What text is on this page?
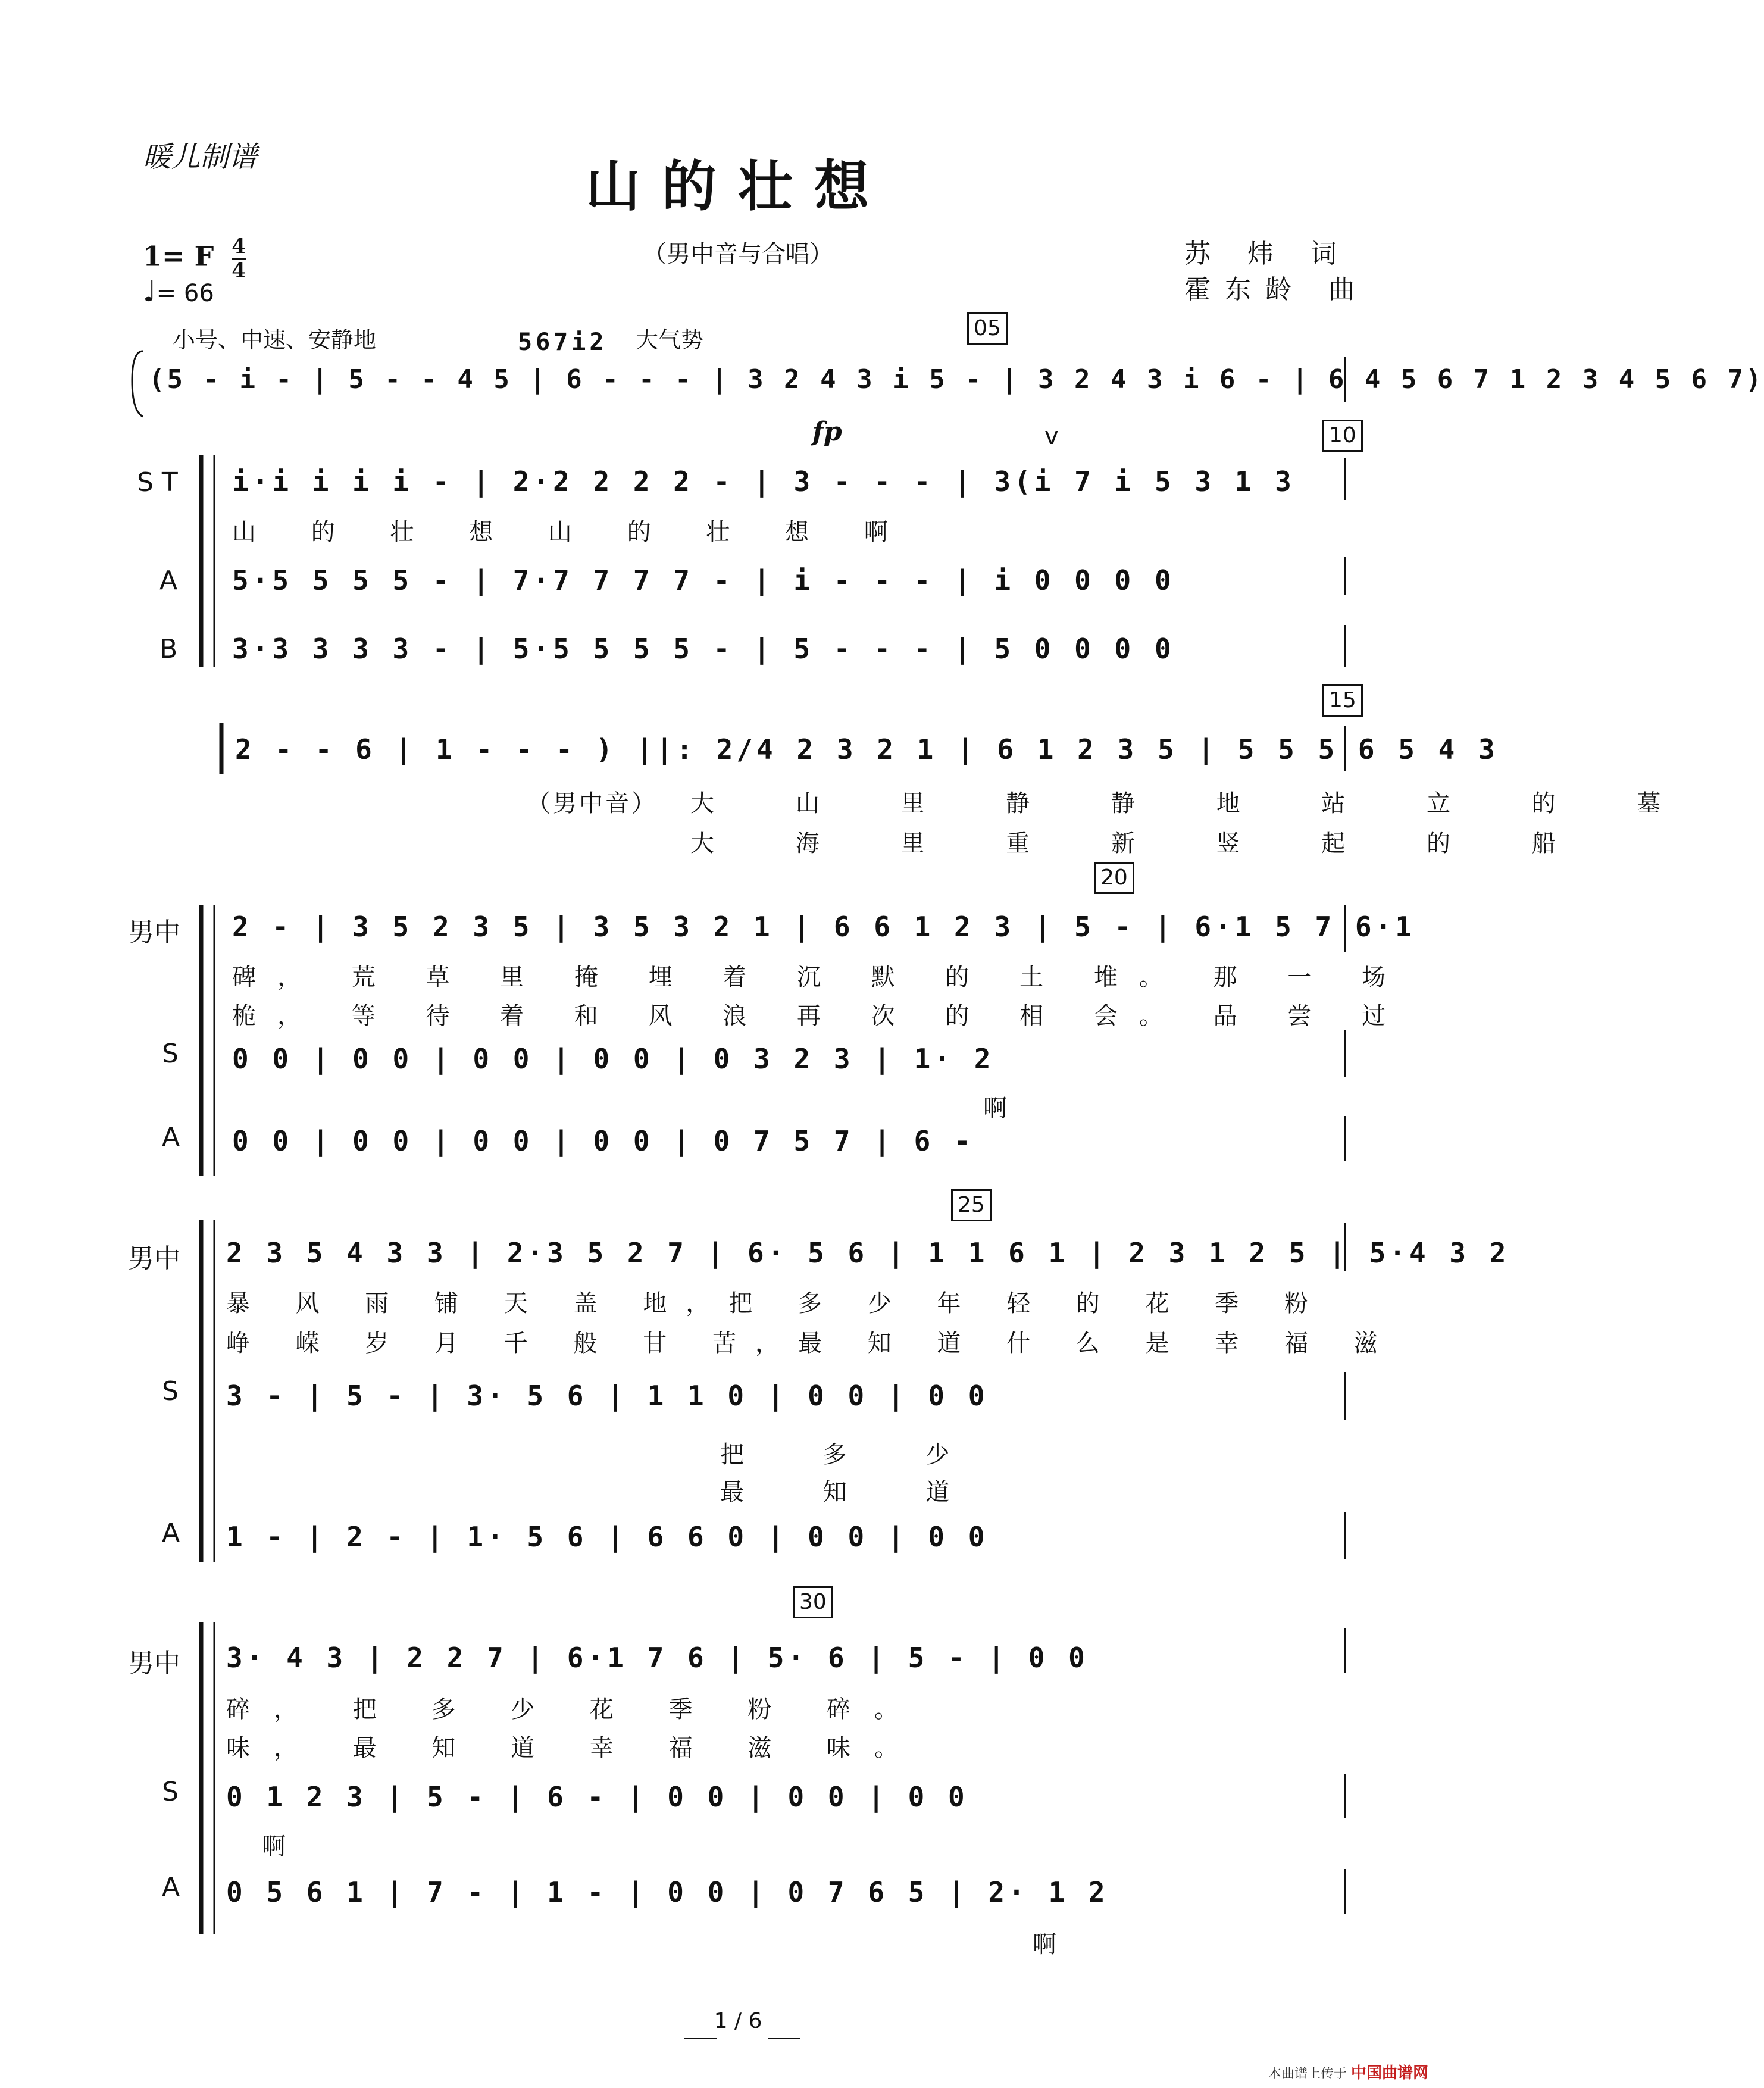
暖儿制谱	山的壮想
（男中音与合唱）	苏 炜 词
霍东龄 曲
1= F $\frac{4}{4}$
♩= 66
小号、中速、安静地	567i2 大气势	05
(5 - i - | 5 - - 4 5 | 6 - - - | 3 2 4 3 i 5 - | 3 2 4 3 i 6 - | 6 4 5 6 7 1 2 3 4 5 6 7)
10
fp	v
S T i·i i i i - | 2·2 2 2 2 - | 3 - - - | 3(i 7 i 5 3 1 3
山 的 壮 想 山 的 壮 想 啊
A 5·5 5 5 5 - | 7·7 7 7 7 - | i - - - | i 0 0 0 0
B 3·3 3 3 3 - | 5·5 5 5 5 - | 5 - - - | 5 0 0 0 0
15
2 - - 6 | 1 - - - ) ||: 2/4 2 3 2 1 | 6 1 2 3 5 | 5 5 5 6 5 4 3
（男中音） 大 山 里 静 静 地 站 立 的 墓
大 海 里 重 新 竖 起 的 船
20
男中 2 - | 3 5 2 3 5 | 3 5 3 2 1 | 6 6 1 2 3 | 5 - | 6·1 5 7 6·1
碑， 荒 草 里 掩 埋 着 沉 默 的 土 堆。 那 一 场
桅， 等 待 着 和 风 浪 再 次 的 相 会。 品 尝 过
S 0 0 | 0 0 | 0 0 | 0 0 | 0 3 2 3 | 1· 2
啊
A 0 0 | 0 0 | 0 0 | 0 0 | 0 7 5 7 | 6 -
25
男中 2 3 5 4 3 3 | 2·3 5 2 7 | 6· 5 6 | 1 1 6 1 | 2 3 1 2 5 | 5·4 3 2
暴 风 雨 铺 天 盖 地，把 多 少 年 轻 的 花 季 粉
峥 嵘 岁 月 千 般 甘 苦，最 知 道 什 么 是 幸 福 滋
S 3 - | 5 - | 3· 5 6 | 1 1 0 | 0 0 | 0 0
把 多 少
最 知 道
A 1 - | 2 - | 1· 5 6 | 6 6 0 | 0 0 | 0 0
30
男中 3· 4 3 | 2 2 7 | 6·1 7 6 | 5· 6 | 5 - | 0 0
碎， 把 多 少 花 季 粉 碎。
味， 最 知 道 幸 福 滋 味。
S 0 1 2 3 | 5 - | 6 - | 0 0 | 0 0 | 0 0
啊
A 0 5 6 1 | 7 - | 1 - | 0 0 | 0 7 6 5 | 2· 1 2
啊
1 / 6
本曲谱上传于 中国曲谱网
